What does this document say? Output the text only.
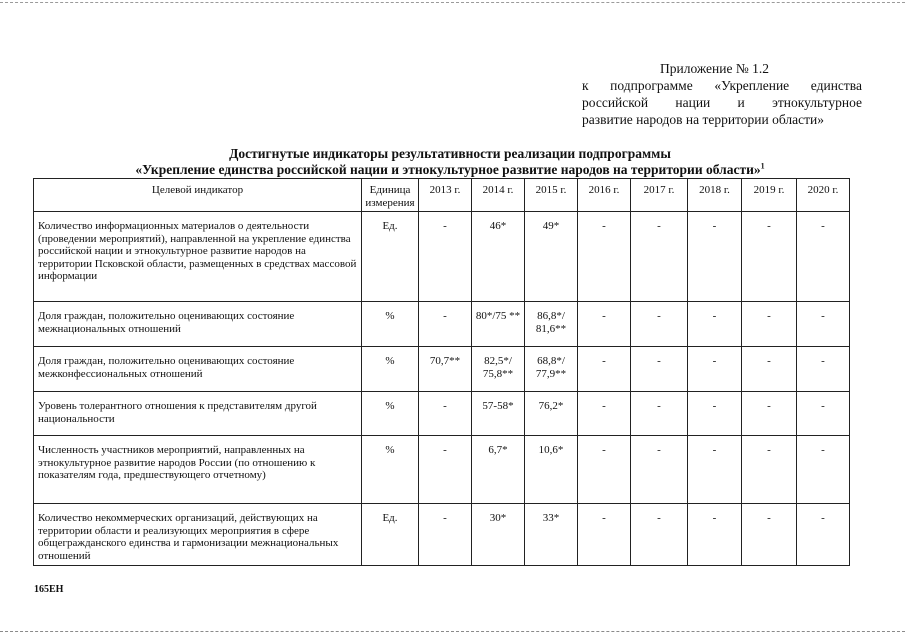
Приложение № 1.2
к подпрограмме «Укрепление единства
российской нации и этнокультурное
развитие народов на территории области»
Достигнутые индикаторы результативности реализации подпрограммы
«Укрепление единства российской нации и этнокультурное развитие народов на территории области»$^1$
Целевой индикатор	Единица измерения	2013 г.	2014 г.	2015 г.	2016 г.	2017 г.	2018 г.	2019 г.	2020 г.
Количество информационных материалов о деятельности (проведении мероприятий), направленной на укрепление единства российской нации и этнокультурное развитие народов на территории Псковской области, размещенных в средствах массовой информации	Ед.	-	46*	49*	-	-	-	-	-
Доля граждан, положительно оценивающих состояние межнациональных отношений	%	-	80*/75 **	86,8*/ 81,6**	-	-	-	-	-
Доля граждан, положительно оценивающих состояние межконфессиональных отношений	%	70,7**	82,5*/ 75,8**	68,8*/ 77,9**	-	-	-	-	-
Уровень толерантного отношения к представителям другой национальности	%	-	57-58*	76,2*	-	-	-	-	-
Численность участников мероприятий, направленных на этнокультурное развитие народов России (по отношению к показателям года, предшествующего отчетному)	%	-	6,7*	10,6*	-	-	-	-	-
Количество некоммерческих организаций, действующих на территории области и реализующих мероприятия в сфере общегражданского единства и гармонизации межнациональных отношений	Ед.	-	30*	33*	-	-	-	-	-
165ЕН
